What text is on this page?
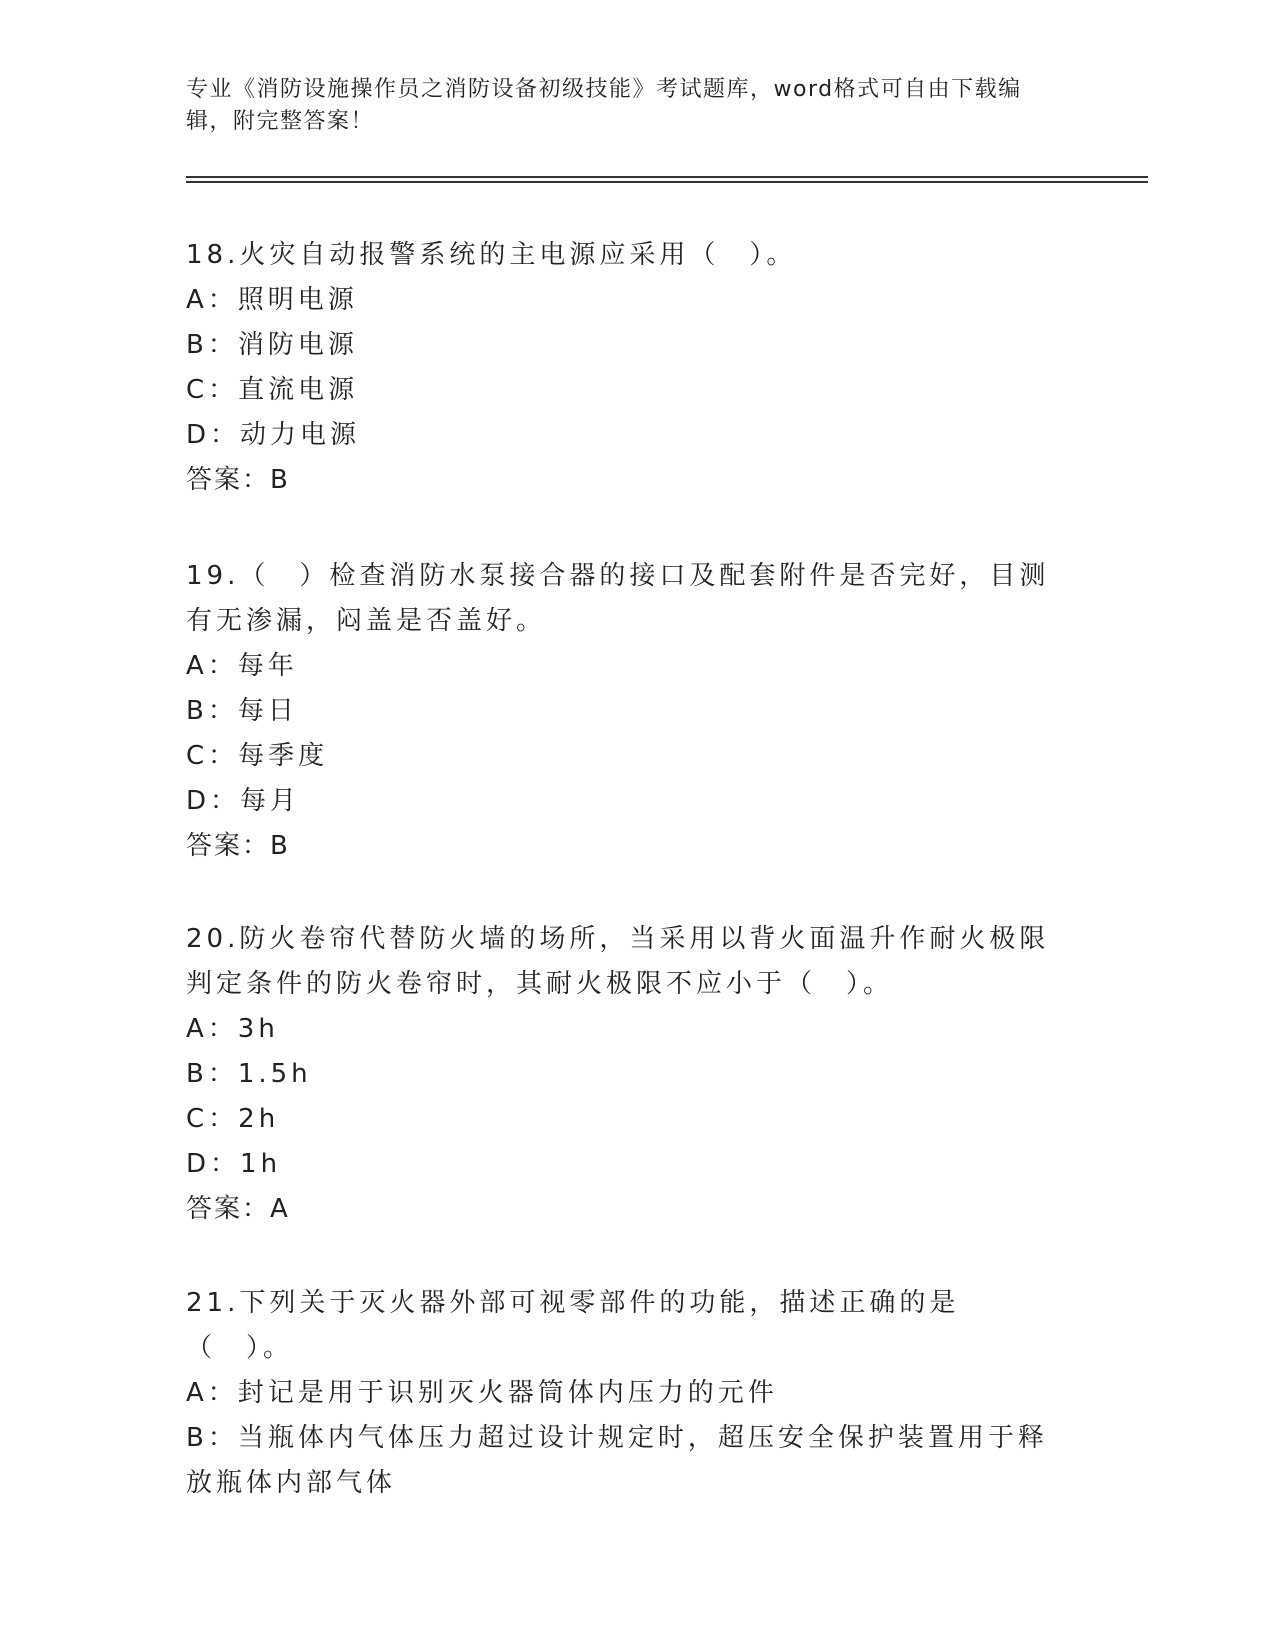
专业《消防设施操作员之消防设备初级技能》考试题库，word格式可自由下载编辑，附完整答案！
18.火灾自动报警系统的主电源应采用（　）。
A：照明电源
B：消防电源
C：直流电源
D：动力电源
答案：B
19.（　）检查消防水泵接合器的接口及配套附件是否完好，目测有无渗漏，闷盖是否盖好。
A：每年
B：每日
C：每季度
D：每月
答案：B
20.防火卷帘代替防火墙的场所，当采用以背火面温升作耐火极限判定条件的防火卷帘时，其耐火极限不应小于（　）。
A：3h
B：1.5h
C：2h
D：1h
答案：A
21.下列关于灭火器外部可视零部件的功能，描述正确的是（　）。
A：封记是用于识别灭火器筒体内压力的元件
B：当瓶体内气体压力超过设计规定时，超压安全保护装置用于释放瓶体内部气体
